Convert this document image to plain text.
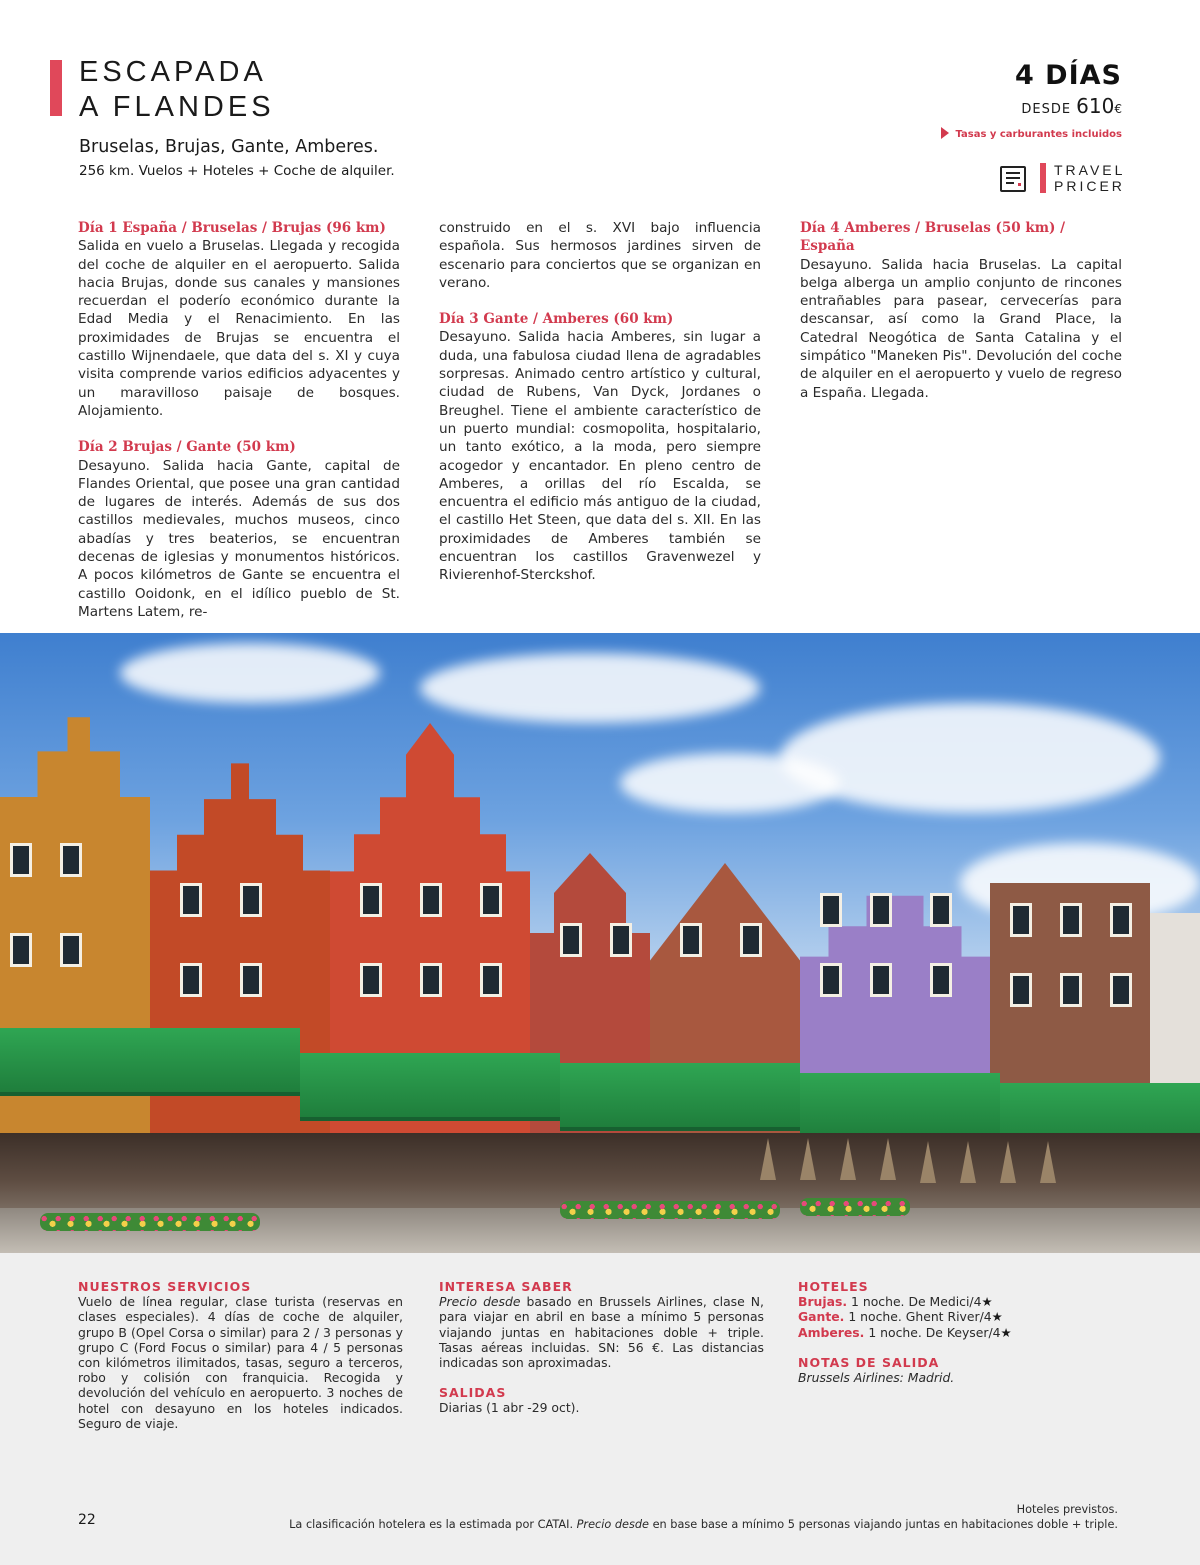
ESCAPADA
A FLANDES
Bruselas, Brujas, Gante, Amberes.
256 km. Vuelos + Hoteles + Coche de alquiler.
4 DÍAS
DESDE 610€
Tasas y carburantes incluidos
TRAVEL
PRICER
Día 1 España / Bruselas / Brujas (96 km)
Salida en vuelo a Bruselas. Llegada y recogida del coche de alquiler en el aeropuerto. Salida hacia Brujas, donde sus canales y mansiones recuerdan el poderío económico durante la Edad Media y el Renacimiento. En las proximidades de Brujas se encuentra el castillo Wijnendaele, que data del s. XI y cuya visita comprende varios edificios adyacentes y un maravilloso paisaje de bosques. Alojamiento.
Día 2 Brujas / Gante (50 km)
Desayuno. Salida hacia Gante, capital de Flandes Oriental, que posee una gran cantidad de lugares de interés. Además de sus dos castillos medievales, muchos museos, cinco abadías y tres beaterios, se encuentran decenas de iglesias y monumentos históricos. A pocos kilómetros de Gante se encuentra el castillo Ooidonk, en el idílico pueblo de St. Martens Latem, re-
construido en el s. XVI bajo influencia española. Sus hermosos jardines sirven de escenario para conciertos que se organizan en verano.
Día 3 Gante / Amberes (60 km)
Desayuno. Salida hacia Amberes, sin lugar a duda, una fabulosa ciudad llena de agradables sorpresas. Animado centro artístico y cultural, ciudad de Rubens, Van Dyck, Jordanes o Breughel. Tiene el ambiente característico de un puerto mundial: cosmopolita, hospitalario, un tanto exótico, a la moda, pero siempre acogedor y encantador. En pleno centro de Amberes, a orillas del río Escalda, se encuentra el edificio más antiguo de la ciudad, el castillo Het Steen, que data del s. XII. En las proximidades de Amberes también se encuentran los castillos Gravenwezel y Rivierenhof-Sterckshof.
Día 4 Amberes / Bruselas (50 km) / España
Desayuno. Salida hacia Bruselas. La capital belga alberga un amplio conjunto de rincones entrañables para pasear, cervecerías para descansar, así como la Grand Place, la Catedral Neogótica de Santa Catalina y el simpático "Maneken Pis". Devolución del coche de alquiler en el aeropuerto y vuelo de regreso a España. Llegada.
NUESTROS SERVICIOS
Vuelo de línea regular, clase turista (reservas en clases especiales). 4 días de coche de alquiler, grupo B (Opel Corsa o similar) para 2 / 3 personas y grupo C (Ford Focus o similar) para 4 / 5 personas con kilómetros ilimitados, tasas, seguro a terceros, robo y colisión con franquicia. Recogida y devolución del vehículo en aeropuerto. 3 noches de hotel con desayuno en los hoteles indicados. Seguro de viaje.
INTERESA SABER
Precio desde basado en Brussels Airlines, clase N, para viajar en abril en base a mínimo 5 personas viajando juntas en habitaciones doble + triple. Tasas aéreas incluidas. SN: 56 €. Las distancias indicadas son aproximadas.
SALIDAS
Diarias (1 abr -29 oct).
HOTELES
Brujas. 1 noche. De Medici/4★
Gante. 1 noche. Ghent River/4★
Amberes. 1 noche. De Keyser/4★
NOTAS DE SALIDA
Brussels Airlines: Madrid.
22
Hoteles previstos.
La clasificación hotelera es la estimada por CATAI. Precio desde en base base a mínimo 5 personas viajando juntas en habitaciones doble + triple.
